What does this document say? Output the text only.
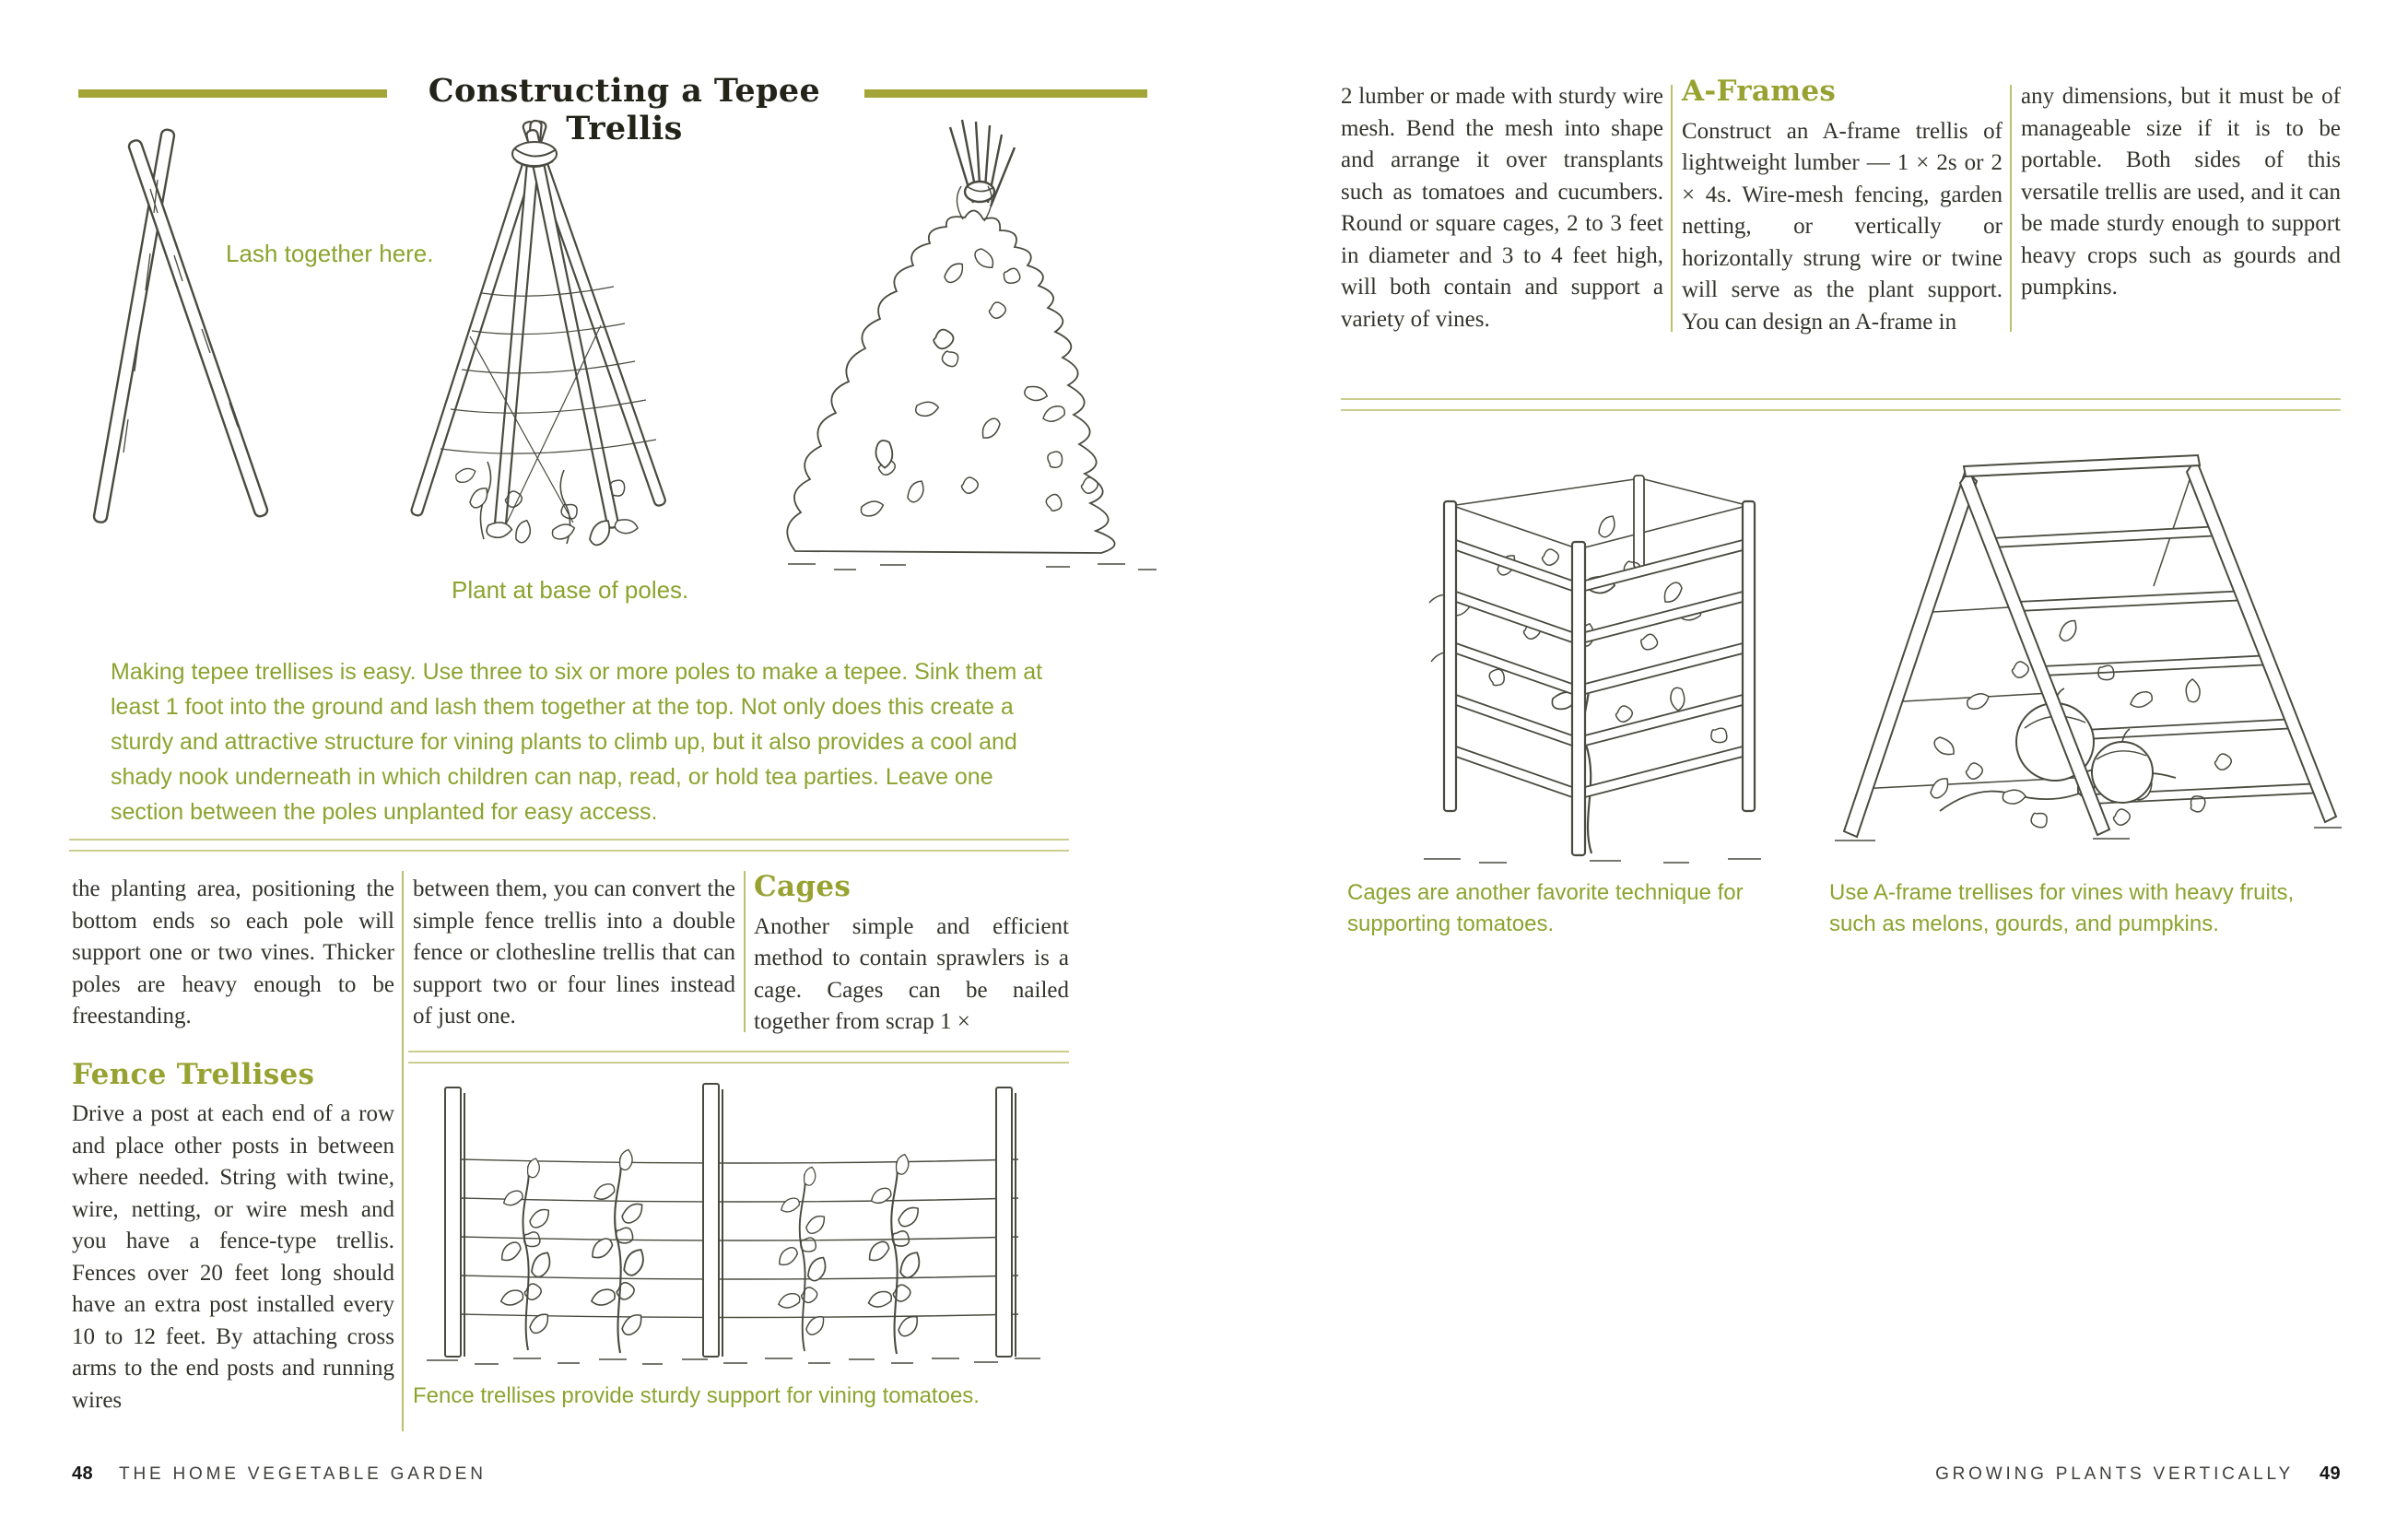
Constructing a Tepee Trellis
Lash together here.
Plant at base of poles.
Making tepee trellises is easy. Use three to six or more poles to make a tepee. Sink them at least 1 foot into the ground and lash them together at the top. Not only does this create a sturdy and attractive structure for vining plants to climb up, but it also provides a cool and shady nook underneath in which children can nap, read, or hold tea parties. Leave one section between the poles unplanted for easy access.

the planting area, positioning the bottom ends so each pole will support one or two vines. Thicker poles are heavy enough to be freestanding.

Fence Trellises

Drive a post at each end of a row and place other posts in between where needed. String with twine, wire, netting, or wire mesh and you have a fence-type trellis. Fences over 20 feet long should have an extra post installed every 10 to 12 feet. By attaching cross arms to the end posts and running wires

between them, you can convert the simple fence trellis into a double fence or clothesline trellis that can support two or four lines instead of just one.

Cages

Another simple and efficient method to contain sprawlers is a cage. Cages can be nailed together from scrap 1 ×

Fence trellises provide sturdy support for vining tomatoes.
48 THE HOME VEGETABLE GARDEN

2 lumber or made with sturdy wire mesh. Bend the mesh into shape and arrange it over transplants such as tomatoes and cucumbers. Round or square cages, 2 to 3 feet in diameter and 3 to 4 feet high, will both contain and support a variety of vines.

A-Frames

Construct an A-frame trellis of lightweight lumber — 1 × 2s or 2 × 4s. Wire-mesh fencing, garden netting, or vertically or horizontally strung wire or twine will serve as the plant support. You can design an A-frame in

any dimensions, but it must be of manageable size if it is to be portable. Both sides of this versatile trellis are used, and it can be made sturdy enough to support heavy crops such as gourds and pumpkins.

Cages are another favorite technique for supporting tomatoes.
Use A-frame trellises for vines with heavy fruits, such as melons, gourds, and pumpkins.
GROWING PLANTS VERTICALLY 49
